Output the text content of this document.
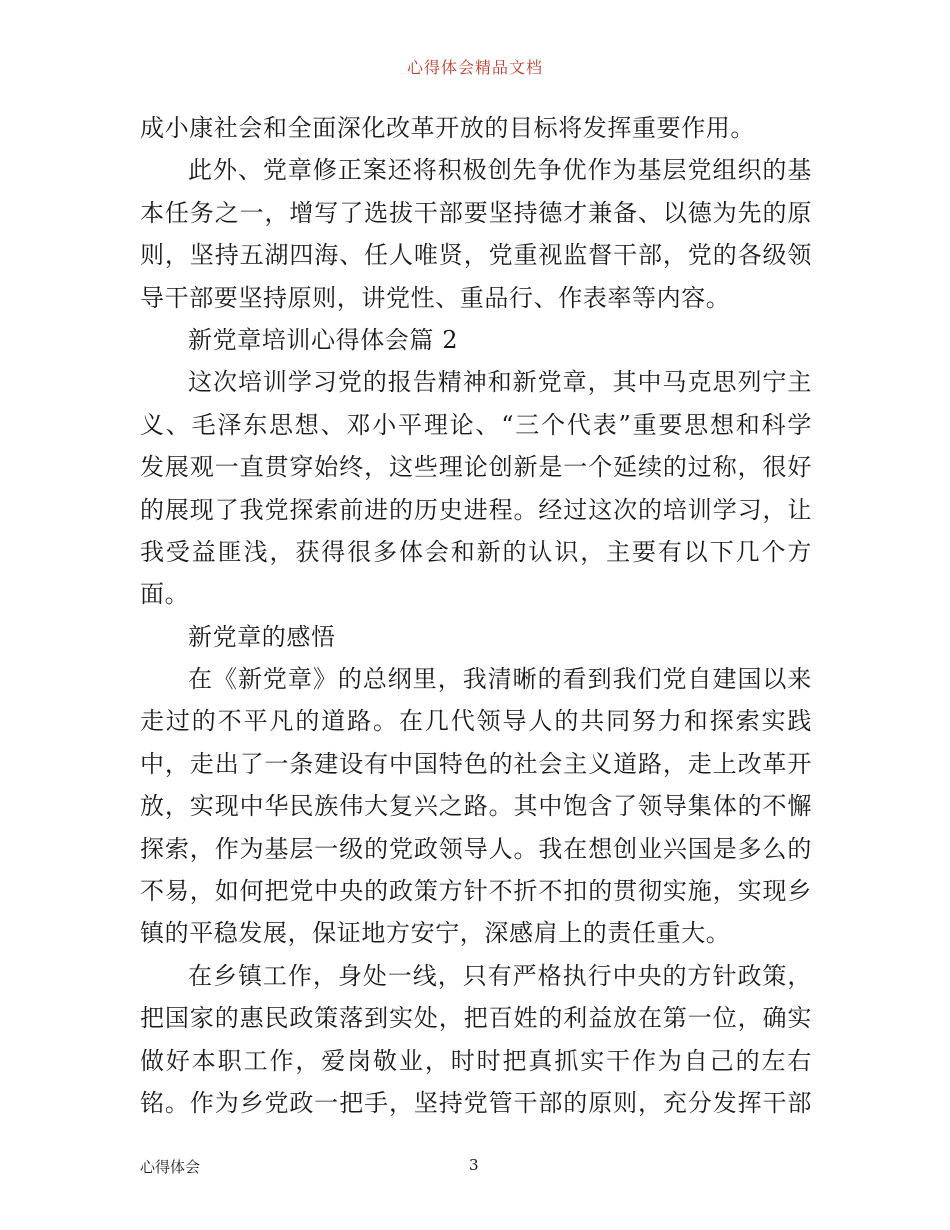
心得体会精品文档
成小康社会和全面深化改革开放的目标将发挥重要作用。
此外、党章修正案还将积极创先争优作为基层党组织的基
本任务之一，增写了选拔干部要坚持德才兼备、以德为先的原
则，坚持五湖四海、任人唯贤，党重视监督干部，党的各级领
导干部要坚持原则，讲党性、重品行、作表率等内容。
新党章培训心得体会篇 2
这次培训学习党的报告精神和新党章，其中马克思列宁主
义、毛泽东思想、邓小平理论、“三个代表”重要思想和科学
发展观一直贯穿始终，这些理论创新是一个延续的过称，很好
的展现了我党探索前进的历史进程。经过这次的培训学习，让
我受益匪浅，获得很多体会和新的认识，主要有以下几个方
面。
新党章的感悟
在《新党章》的总纲里，我清晰的看到我们党自建国以来
走过的不平凡的道路。在几代领导人的共同努力和探索实践
中，走出了一条建设有中国特色的社会主义道路，走上改革开
放，实现中华民族伟大复兴之路。其中饱含了领导集体的不懈
探索，作为基层一级的党政领导人。我在想创业兴国是多么的
不易，如何把党中央的政策方针不折不扣的贯彻实施，实现乡
镇的平稳发展，保证地方安宁，深感肩上的责任重大。
在乡镇工作，身处一线，只有严格执行中央的方针政策，
把国家的惠民政策落到实处，把百姓的利益放在第一位，确实
做好本职工作，爱岗敬业，时时把真抓实干作为自己的左右
铭。作为乡党政一把手，坚持党管干部的原则，充分发挥干部
心得体会	3
